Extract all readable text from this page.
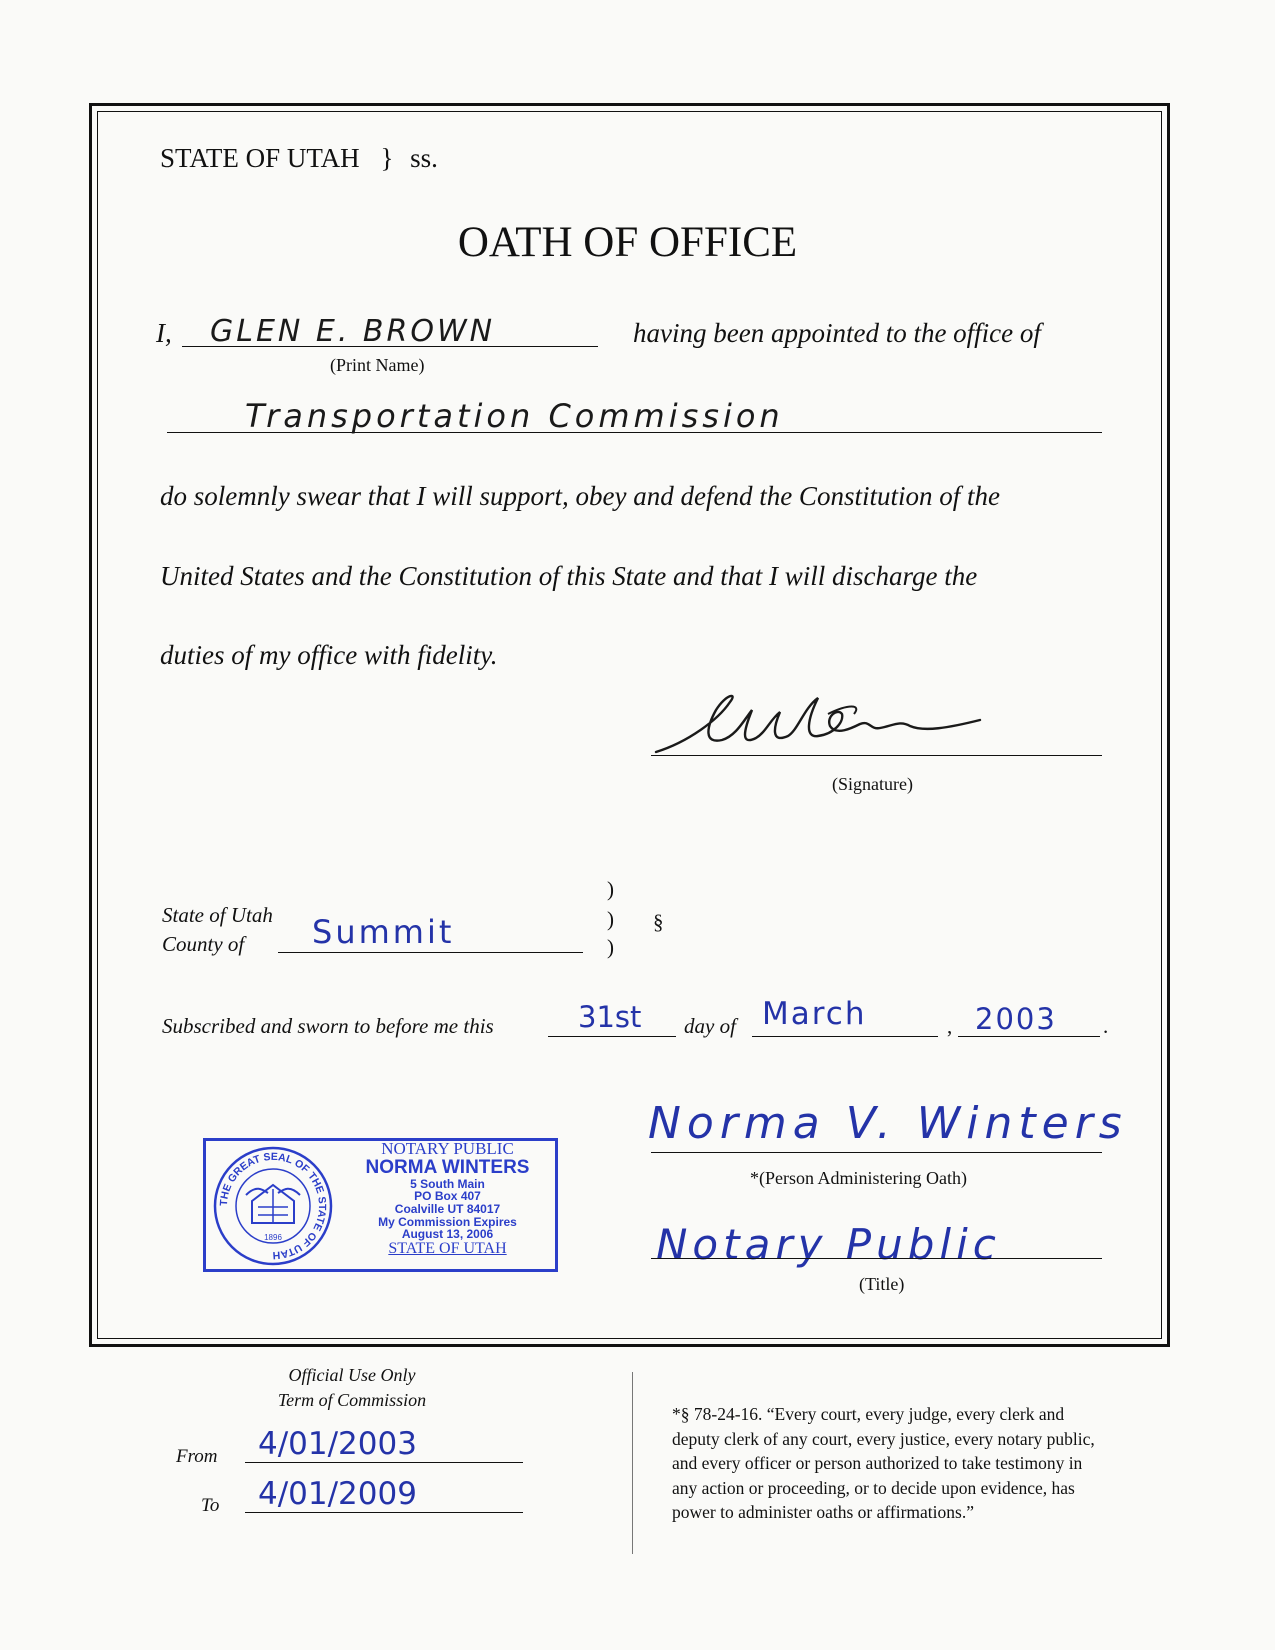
STATE OF UTAH } ss.
OATH OF OFFICE
I, GLEN E. BROWN	having been appointed to the office of
(Print Name)
Transportation Commission
do solemnly swear that I will support, obey and defend the Constitution of the
United States and the Constitution of this State and that I will discharge the
duties of my office with fidelity.
(Signature)
State of Utah
County of Summit
)
)
)
§
Subscribed and sworn to before me this	31st day of March	, 2003 .
THE GREAT SEAL OF THE STATE OF UTAH
1896
NOTARY PUBLIC
NORMA WINTERS
5 South Main
PO Box 407
Coalville UT 84017
My Commission Expires
August 13, 2006
STATE OF UTAH
Norma V. Winters
*(Person Administering Oath)
Notary Public
(Title)
Official Use Only
Term of Commission
From 4/01/2003
To 4/01/2009
*§ 78-24-16. “Every court, every judge, every clerk and
deputy clerk of any court, every justice, every notary public,
and every officer or person authorized to take testimony in
any action or proceeding, or to decide upon evidence, has
power to administer oaths or affirmations.”
